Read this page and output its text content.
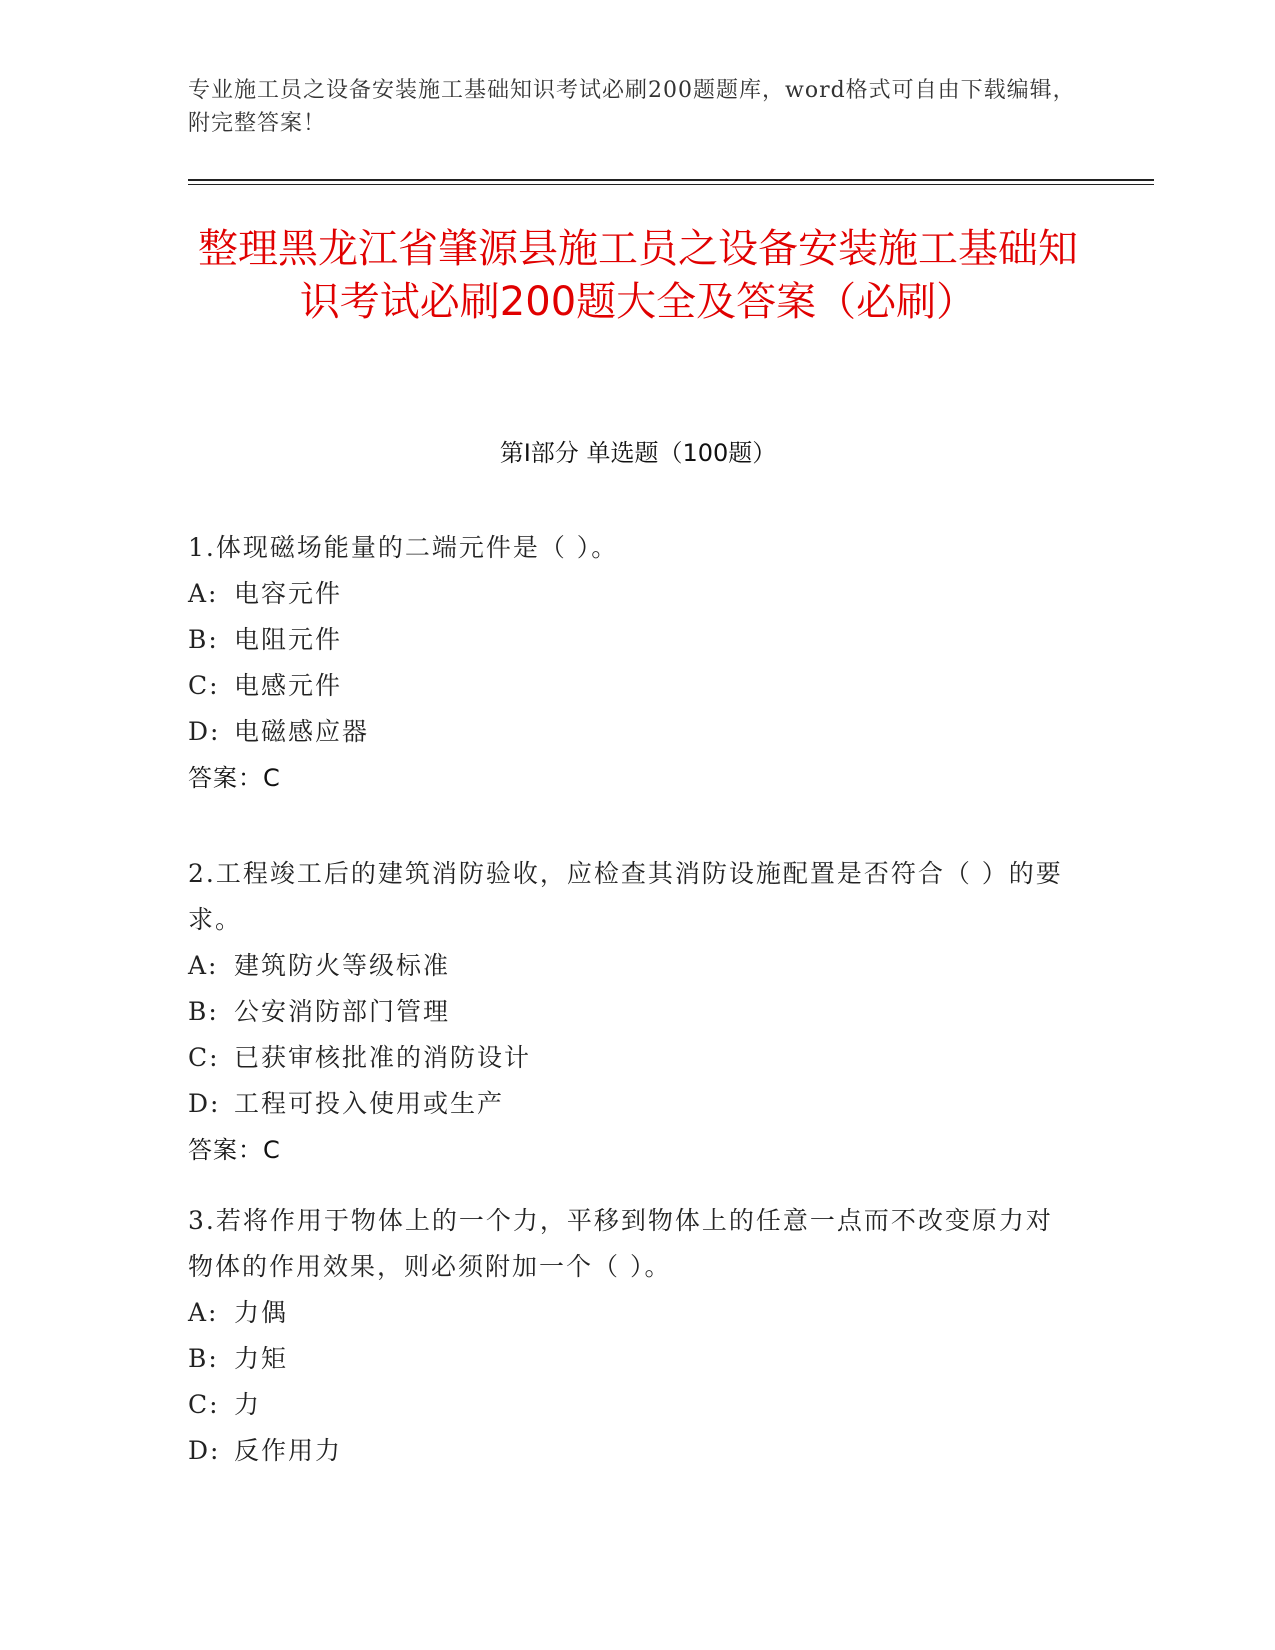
专业施工员之设备安装施工基础知识考试必刷200题题库，word格式可自由下载编辑，附完整答案！
整理黑龙江省肇源县施工员之设备安装施工基础知识考试必刷200题大全及答案（必刷）
第Ⅰ部分 单选题（100题）

1.体现磁场能量的二端元件是（ ）。

A: 电容元件

B: 电阻元件

C: 电感元件

D: 电磁感应器

答案：C

2.工程竣工后的建筑消防验收，应检查其消防设施配置是否符合（ ）的要求。

A: 建筑防火等级标准

B: 公安消防部门管理

C: 已获审核批准的消防设计

D: 工程可投入使用或生产

答案：C

3.若将作用于物体上的一个力，平移到物体上的任意一点而不改变原力对物体的作用效果，则必须附加一个（ ）。

A: 力偶

B: 力矩

C: 力

D: 反作用力
